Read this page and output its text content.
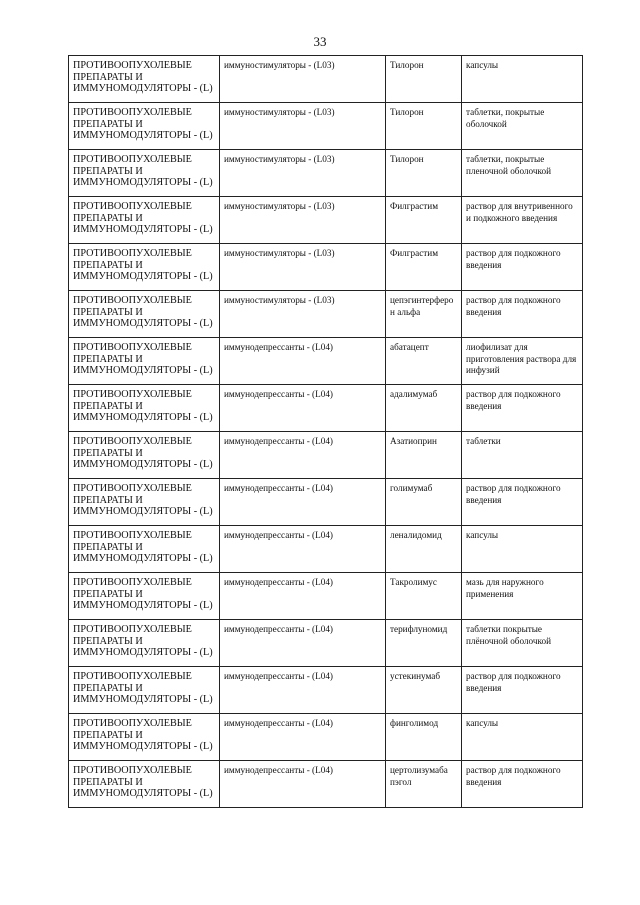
33
ПРОТИВООПУХОЛЕВЫЕ ПРЕПАРАТЫ И ИММУНОМОДУЛЯТОРЫ - (L)	иммуностимуляторы - (L03)	Тилорон	капсулы
ПРОТИВООПУХОЛЕВЫЕ ПРЕПАРАТЫ И ИММУНОМОДУЛЯТОРЫ - (L)	иммуностимуляторы - (L03)	Тилорон	таблетки, покрытые оболочкой
ПРОТИВООПУХОЛЕВЫЕ ПРЕПАРАТЫ И ИММУНОМОДУЛЯТОРЫ - (L)	иммуностимуляторы - (L03)	Тилорон	таблетки, покрытые пленочной оболочкой
ПРОТИВООПУХОЛЕВЫЕ ПРЕПАРАТЫ И ИММУНОМОДУЛЯТОРЫ - (L)	иммуностимуляторы - (L03)	Филграстим	раствор для внутривенного и подкожного введения
ПРОТИВООПУХОЛЕВЫЕ ПРЕПАРАТЫ И ИММУНОМОДУЛЯТОРЫ - (L)	иммуностимуляторы - (L03)	Филграстим	раствор для подкожного введения
ПРОТИВООПУХОЛЕВЫЕ ПРЕПАРАТЫ И ИММУНОМОДУЛЯТОРЫ - (L)	иммуностимуляторы - (L03)	цепэгинтерферо н альфа	раствор для подкожного введения
ПРОТИВООПУХОЛЕВЫЕ ПРЕПАРАТЫ И ИММУНОМОДУЛЯТОРЫ - (L)	иммунодепрессанты - (L04)	абатацепт	лиофилизат для приготовления раствора для инфузий
ПРОТИВООПУХОЛЕВЫЕ ПРЕПАРАТЫ И ИММУНОМОДУЛЯТОРЫ - (L)	иммунодепрессанты - (L04)	адалимумаб	раствор для подкожного введения
ПРОТИВООПУХОЛЕВЫЕ ПРЕПАРАТЫ И ИММУНОМОДУЛЯТОРЫ - (L)	иммунодепрессанты - (L04)	Азатиоприн	таблетки
ПРОТИВООПУХОЛЕВЫЕ ПРЕПАРАТЫ И ИММУНОМОДУЛЯТОРЫ - (L)	иммунодепрессанты - (L04)	голимумаб	раствор для подкожного введения
ПРОТИВООПУХОЛЕВЫЕ ПРЕПАРАТЫ И ИММУНОМОДУЛЯТОРЫ - (L)	иммунодепрессанты - (L04)	леналидомид	капсулы
ПРОТИВООПУХОЛЕВЫЕ ПРЕПАРАТЫ И ИММУНОМОДУЛЯТОРЫ - (L)	иммунодепрессанты - (L04)	Такролимус	мазь для наружного применения
ПРОТИВООПУХОЛЕВЫЕ ПРЕПАРАТЫ И ИММУНОМОДУЛЯТОРЫ - (L)	иммунодепрессанты - (L04)	терифлуномид	таблетки покрытые плёночной оболочкой
ПРОТИВООПУХОЛЕВЫЕ ПРЕПАРАТЫ И ИММУНОМОДУЛЯТОРЫ - (L)	иммунодепрессанты - (L04)	устекинумаб	раствор для подкожного введения
ПРОТИВООПУХОЛЕВЫЕ ПРЕПАРАТЫ И ИММУНОМОДУЛЯТОРЫ - (L)	иммунодепрессанты - (L04)	финголимод	капсулы
ПРОТИВООПУХОЛЕВЫЕ ПРЕПАРАТЫ И ИММУНОМОДУЛЯТОРЫ - (L)	иммунодепрессанты - (L04)	цертолизумаба пэгол	раствор для подкожного введения
